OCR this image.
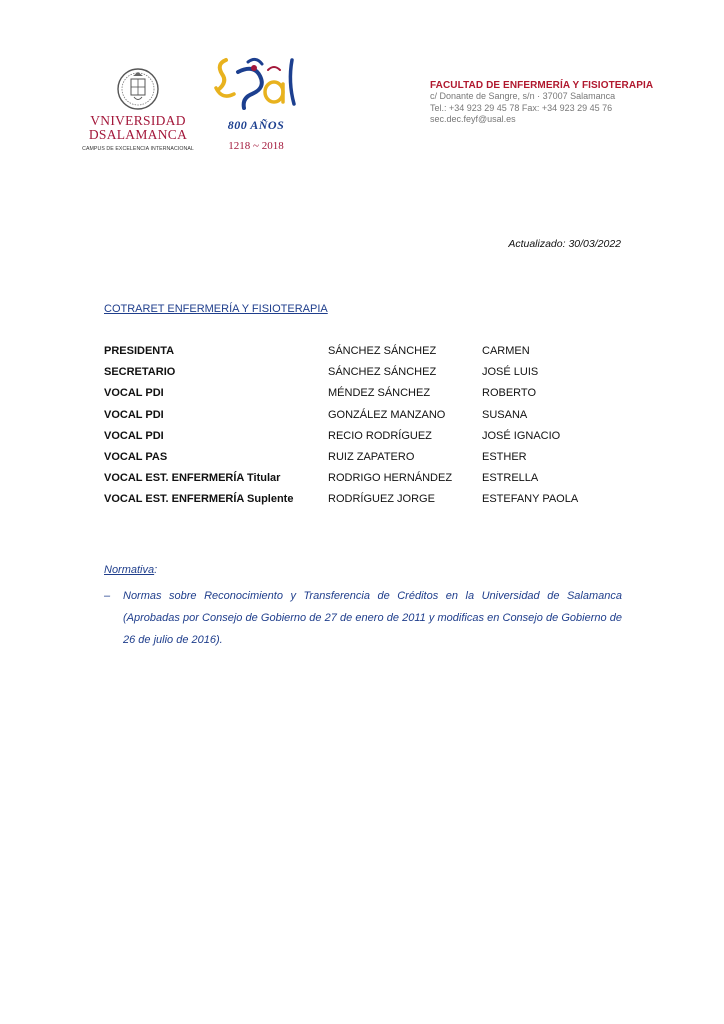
VNIVERSIDAD
DSALAMANCA
CAMPUS DE EXCELENCIA INTERNACIONAL
800 AÑOS
1218 ~ 2018
FACULTAD DE ENFERMERÍA Y FISIOTERAPIA
c/ Donante de Sangre, s/n · 37007 Salamanca
Tel.: +34 923 29 45 78 Fax: +34 923 29 45 76
sec.dec.feyf@usal.es
Actualizado: 30/03/2022
COTRARET ENFERMERÍA Y FISIOTERAPIA
PRESIDENTA	SÁNCHEZ SÁNCHEZ	CARMEN
SECRETARIO	SÁNCHEZ SÁNCHEZ	JOSÉ LUIS
VOCAL PDI	MÉNDEZ SÁNCHEZ	ROBERTO
VOCAL PDI	GONZÁLEZ MANZANO	SUSANA
VOCAL PDI	RECIO RODRÍGUEZ	JOSÉ IGNACIO
VOCAL PAS	RUIZ ZAPATERO	ESTHER
VOCAL EST. ENFERMERÍA Titular	RODRIGO HERNÁNDEZ	ESTRELLA
VOCAL EST. ENFERMERÍA Suplente	RODRÍGUEZ JORGE	ESTEFANY PAOLA
Normativa:
– Normas sobre Reconocimiento y Transferencia de Créditos en la Universidad de Salamanca (Aprobadas por Consejo de Gobierno de 27 de enero de 2011 y modificas en Consejo de Gobierno de 26 de julio de 2016).
